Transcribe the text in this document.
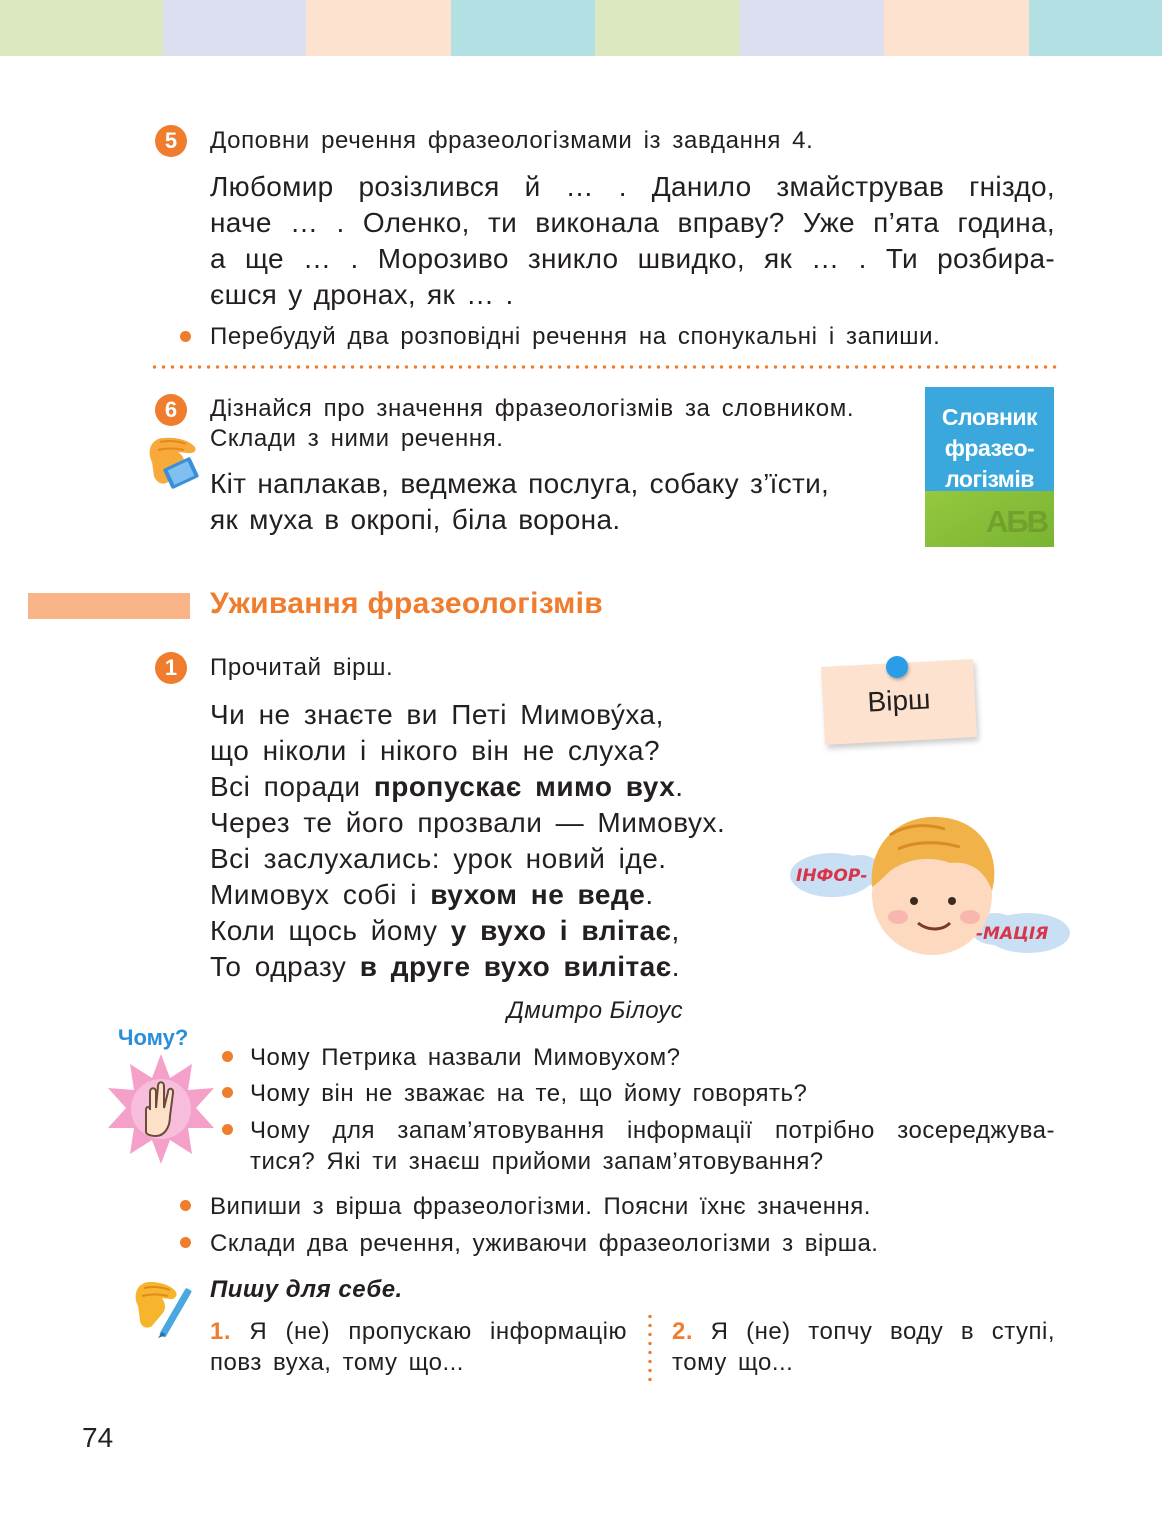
5	Доповни речення фразеологізмами із завдання 4.
Любомир розізлився й … . Данило змайстрував гніздо,
наче … . Оленко, ти виконала вправу? Уже п’ята година,
а ще … . Морозиво зникло швидко, як … . Ти розбира-
єшся у дронах, як … .
Перебудуй два розповідні речення на спонукальні і запиши.
6	Дізнайся про значення фразеологізмів за словником.
Склади з ними речення.
Кіт наплакав, ведмежа послуга, собаку з’їсти,
як муха в окропі, біла ворона.
Словник
фразео-
логізмів
АБВ
Уживання фразеологізмів
1	Прочитай вірш.
Вірш
Чи не знаєте ви Петі Мимову́ха,
що ніколи і нікого він не слуха?
Всі поради пропускає мимо вух.
Через те його прозвали — Мимовух.
Всі заслухались: урок новий іде.
Мимовух собі і вухом не веде.
Коли щось йому у вухо і влітає,
То одразу в друге вухо вилітає.
Дмитро Білоус
ІНФОР-
-МАЦІЯ
Чому?
Чому Петрика назвали Мимовухом?
Чому він не зважає на те, що йому говорять?
Чому для запам’ятовування інформації потрібно зосереджува-
тися? Які ти знаєш прийоми запам’ятовування?
Випиши з вірша фразеологізми. Поясни їхнє значення.
Склади два речення, уживаючи фразеологізми з вірша.
Пишу для себе.
1. Я (не) пропускаю інформацію
повз вуха, тому що...
2. Я (не) топчу воду в ступі,
тому що...
74
